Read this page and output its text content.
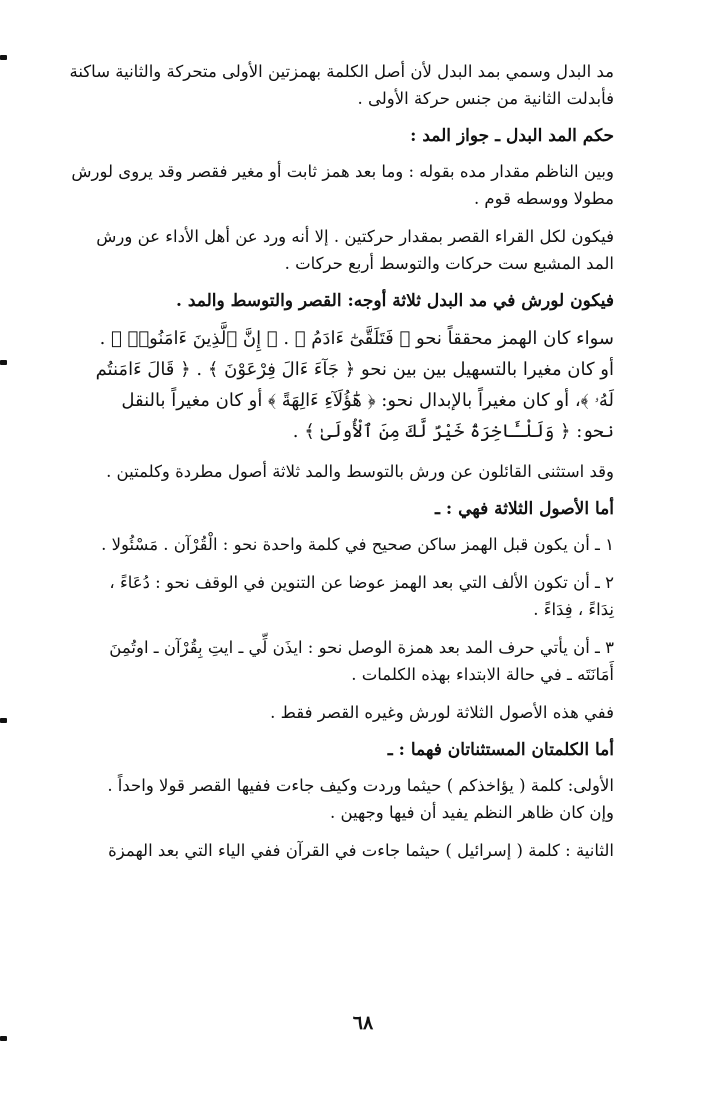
مد البدل وسمي بمد البدل لأن أصل الكلمة بهمزتين الأولى متحركة والثانية ساكنة

فأبدلت الثانية من جنس حركة الأولى .

حكم المد البدل ـ جواز المد :

وبين الناظم مقدار مده بقوله : وما بعد همز ثابت أو مغير فقصر وقد يروى لورش

مطولا ووسطه قوم .

فيكون لكل القراء القصر بمقدار حركتين . إلا أنه ورد عن أهل الأداء عن ورش

المد المشبع ست حركات والتوسط أربع حركات .

فيكون لورش في مد البدل ثلاثة أوجه: القصر والتوسط والمد .

سواء كان الهمز محققاً نحو ﴿ فَتَلَقَّىٰٓ ءَادَمُ ﴾ . ﴿ إِنَّ ٱلَّذِينَ ءَامَنُوا۟ ﴾ .

أو كان مغيرا بالتسهيل بين بين نحو ﴿ جَآءَ ءَالَ فِرْعَوْنَ ﴾ . ﴿ قَالَ ءَامَنتُم

لَهُۥ ﴾، أو كان مغيراً بالإبدال نحو: ﴿ هَٰٓؤُلَآءِ ءَالِهَةً ﴾ أو كان مغيراً بالنقل

نحو: ﴿ وَلَلْـَٔاخِرَةُ خَيْرٌ لَّكَ مِنَ ٱلْأُولَىٰ ﴾ .

وقد استثنى القائلون عن ورش بالتوسط والمد ثلاثة أصول مطردة وكلمتين .

أما الأصول الثلاثة فهي : ـ

١ ـ أن يكون قبل الهمز ساكن صحيح في كلمة واحدة نحو : الْقُرْآن . مَسْئُولا .

٢ ـ أن تكون الألف التي بعد الهمز عوضا عن التنوين في الوقف نحو : دُعَاءً ،

نِدَاءً ، فِدَاءً .

٣ ـ أن يأتي حرف المد بعد همزة الوصل نحو : ايذَن لِّي ـ ايتِ بِقُرْآن ـ اوتُمِنَ

أَمَانَتَه ـ في حالة الابتداء بهذه الكلمات .

ففي هذه الأصول الثلاثة لورش وغيره القصر فقط .

أما الكلمتان المستثناتان فهما : ـ

الأولى: كلمة ( يؤاخذكم ) حيثما وردت وكيف جاءت ففيها القصر قولا واحداً .

وإن كان ظاهر النظم يفيد أن فيها وجهين .

الثانية : كلمة ( إسرائيل ) حيثما جاءت في القرآن ففي الياء التي بعد الهمزة

٦٨
